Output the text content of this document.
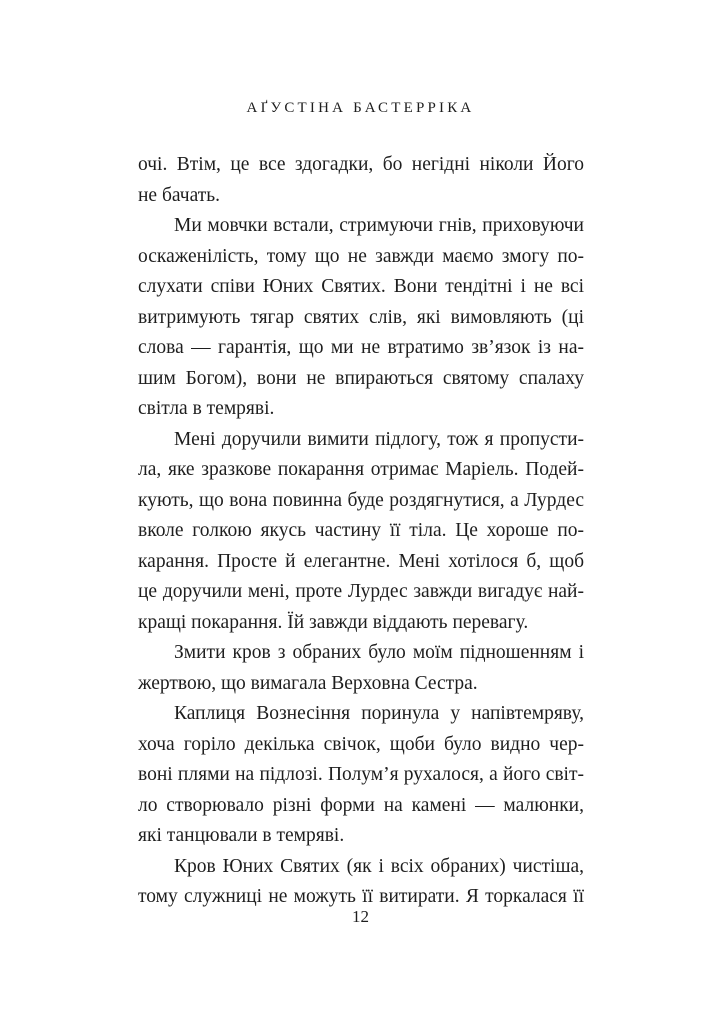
АҐУСТІНА БАСТЕРРІКА
очі. Втім, це все здогадки, бо негідні ніколи Його
не бачать.
Ми мовчки встали, стримуючи гнів, приховуючи
оскаженілість, тому що не завжди маємо змогу по-
слухати співи Юних Святих. Вони тендітні і не всі
витримують тягар святих слів, які вимовляють (ці
слова — гарантія, що ми не втратимо зв’язок із на-
шим Богом), вони не впираються святому спалаху
світла в темряві.
Мені доручили вимити підлогу, тож я пропусти-
ла, яке зразкове покарання отримає Маріель. Подей-
кують, що вона повинна буде роздягнутися, а Лурдес
вколе голкою якусь частину її тіла. Це хороше по-
карання. Просте й елегантне. Мені хотілося б, щоб
це доручили мені, проте Лурдес завжди вигадує най-
кращі покарання. Їй завжди віддають перевагу.
Змити кров з обраних було моїм підношенням і
жертвою, що вимагала Верховна Сестра.
Каплиця Вознесіння поринула у напівтемряву,
хоча горіло декілька свічок, щоби було видно чер-
воні плями на підлозі. Полум’я рухалося, а його світ-
ло створювало різні форми на камені — малюнки,
які танцювали в темряві.
Кров Юних Святих (як і всіх обраних) чистіша,
тому служниці не можуть її витирати. Я торкалася її
12
